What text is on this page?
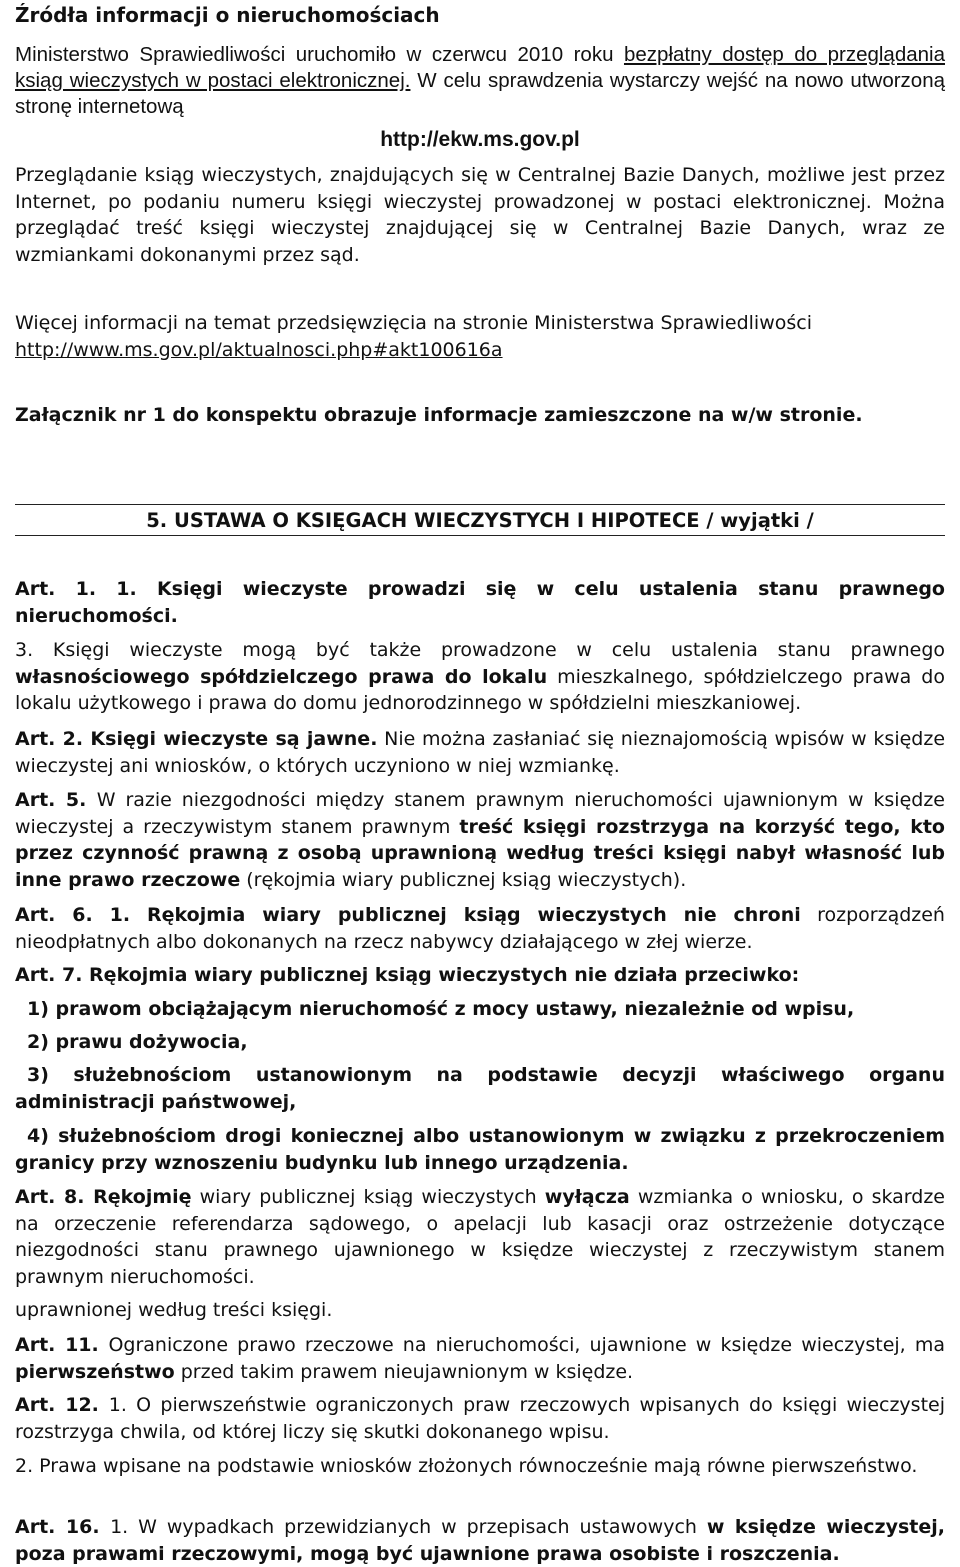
Źródła informacji o nieruchomościach

Ministerstwo Sprawiedliwości uruchomiło w czerwcu 2010 roku bezpłatny dostęp do przeglądania ksiąg wieczystych w postaci elektronicznej. W celu sprawdzenia wystarczy wejść na nowo utworzoną stronę internetową

http://ekw.ms.gov.pl

Przeglądanie ksiąg wieczystych, znajdujących się w Centralnej Bazie Danych, możliwe jest przez Internet, po podaniu numeru księgi wieczystej prowadzonej w postaci elektronicznej. Można przeglądać treść księgi wieczystej znajdującej się w Centralnej Bazie Danych, wraz ze wzmiankami dokonanymi przez sąd.

Więcej informacji na temat przedsięwzięcia na stronie Ministerstwa Sprawiedliwości
http://www.ms.gov.pl/aktualnosci.php#akt100616a

Załącznik nr 1 do konspektu obrazuje informacje zamieszczone na w/w stronie.

5. USTAWA O KSIĘGACH WIECZYSTYCH I HIPOTECE / wyjątki /

Art. 1. 1. Księgi wieczyste prowadzi się w celu ustalenia stanu prawnego nieruchomości.

3. Księgi wieczyste mogą być także prowadzone w celu ustalenia stanu prawnego własnościowego spółdzielczego prawa do lokalu mieszkalnego, spółdzielczego prawa do lokalu użytkowego i prawa do domu jednorodzinnego w spółdzielni mieszkaniowej.

Art. 2. Księgi wieczyste są jawne. Nie można zasłaniać się nieznajomością wpisów w księdze wieczystej ani wniosków, o których uczyniono w niej wzmiankę.

Art. 5. W razie niezgodności między stanem prawnym nieruchomości ujawnionym w księdze wieczystej a rzeczywistym stanem prawnym treść księgi rozstrzyga na korzyść tego, kto przez czynność prawną z osobą uprawnioną według treści księgi nabył własność lub inne prawo rzeczowe (rękojmia wiary publicznej ksiąg wieczystych).

Art. 6. 1. Rękojmia wiary publicznej ksiąg wieczystych nie chroni rozporządzeń nieodpłatnych albo dokonanych na rzecz nabywcy działającego w złej wierze.

Art. 7. Rękojmia wiary publicznej ksiąg wieczystych nie działa przeciwko:

1) prawom obciążającym nieruchomość z mocy ustawy, niezależnie od wpisu,

2) prawu dożywocia,

3) służebnościom ustanowionym na podstawie decyzji właściwego organu administracji państwowej,

4) służebnościom drogi koniecznej albo ustanowionym w związku z przekroczeniem granicy przy wznoszeniu budynku lub innego urządzenia.

Art. 8. Rękojmię wiary publicznej ksiąg wieczystych wyłącza wzmianka o wniosku, o skardze na orzeczenie referendarza sądowego, o apelacji lub kasacji oraz ostrzeżenie dotyczące niezgodności stanu prawnego ujawnionego w księdze wieczystej z rzeczywistym stanem prawnym nieruchomości.

uprawnionej według treści księgi.

Art. 11. Ograniczone prawo rzeczowe na nieruchomości, ujawnione w księdze wieczystej, ma pierwszeństwo przed takim prawem nieujawnionym w księdze.

Art. 12. 1. O pierwszeństwie ograniczonych praw rzeczowych wpisanych do księgi wieczystej rozstrzyga chwila, od której liczy się skutki dokonanego wpisu.

2. Prawa wpisane na podstawie wniosków złożonych równocześnie mają równe pierwszeństwo.

Art. 16. 1. W wypadkach przewidzianych w przepisach ustawowych w księdze wieczystej, poza prawami rzeczowymi, mogą być ujawnione prawa osobiste i roszczenia.
